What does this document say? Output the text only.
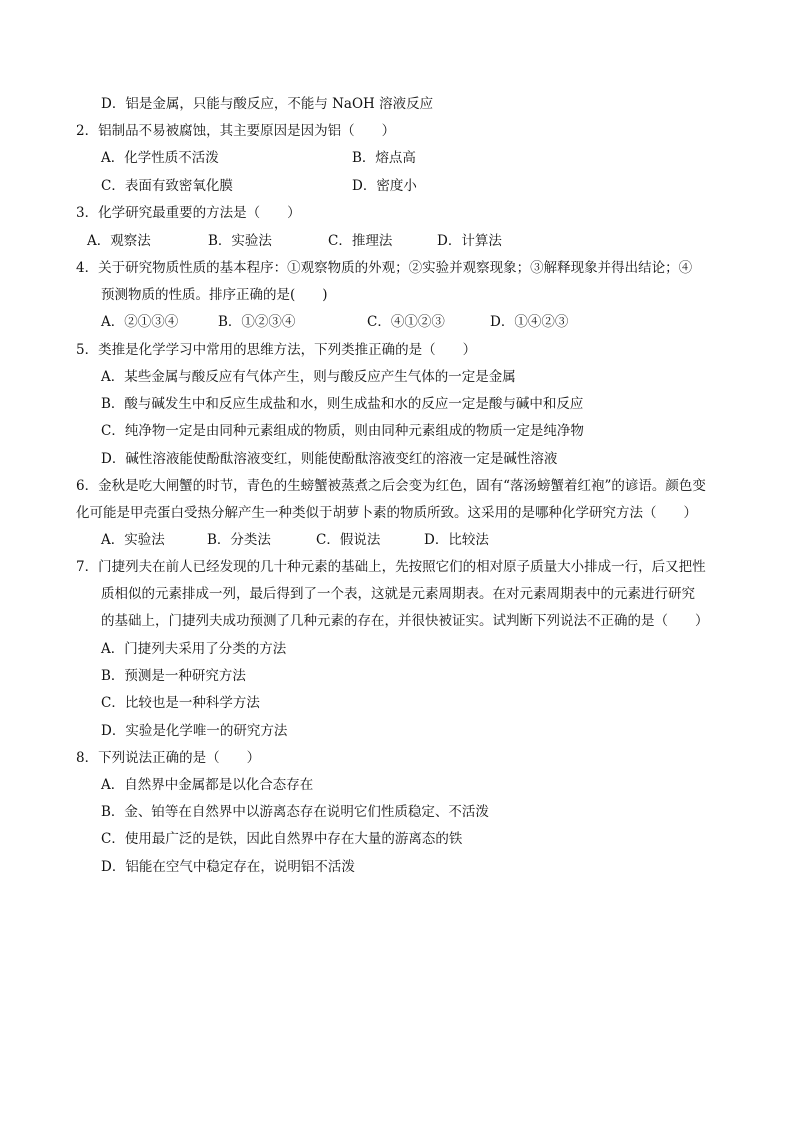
D．铝是金属，只能与酸反应，不能与 NaOH 溶液反应
2．铝制品不易被腐蚀，其主要原因是因为铝（　　）
A．化学性质不活泼	B．熔点高
C．表面有致密氧化膜	D．密度小
3．化学研究最重要的方法是（　　）
A．观察法	B．实验法	C．推理法	D．计算法
4．关于研究物质性质的基本程序：①观察物质的外观；②实验并观察现象；③解释现象并得出结论；④
预测物质的性质。排序正确的是(　　)
A．②①③④	B．①②③④	C．④①②③	D．①④②③
5．类推是化学学习中常用的思维方法，下列类推正确的是（　　）
A．某些金属与酸反应有气体产生，则与酸反应产生气体的一定是金属
B．酸与碱发生中和反应生成盐和水，则生成盐和水的反应一定是酸与碱中和反应
C．纯净物一定是由同种元素组成的物质，则由同种元素组成的物质一定是纯净物
D．碱性溶液能使酚酞溶液变红，则能使酚酞溶液变红的溶液一定是碱性溶液
6．金秋是吃大闸蟹的时节，青色的生螃蟹被蒸煮之后会变为红色，固有“落汤螃蟹着红袍”的谚语。颜色变
化可能是甲壳蛋白受热分解产生一种类似于胡萝卜素的物质所致。这采用的是哪种化学研究方法（　　）
A．实验法	B．分类法	C．假说法	D．比较法
7．门捷列夫在前人已经发现的几十种元素的基础上，先按照它们的相对原子质量大小排成一行，后又把性
质相似的元素排成一列，最后得到了一个表，这就是元素周期表。在对元素周期表中的元素进行研究
的基础上，门捷列夫成功预测了几种元素的存在，并很快被证实。试判断下列说法不正确的是（　　）
A．门捷列夫采用了分类的方法
B．预测是一种研究方法
C．比较也是一种科学方法
D．实验是化学唯一的研究方法
8．下列说法正确的是（　　）
A．自然界中金属都是以化合态存在
B．金、铂等在自然界中以游离态存在说明它们性质稳定、不活泼
C．使用最广泛的是铁，因此自然界中存在大量的游离态的铁
D．铝能在空气中稳定存在，说明铝不活泼
